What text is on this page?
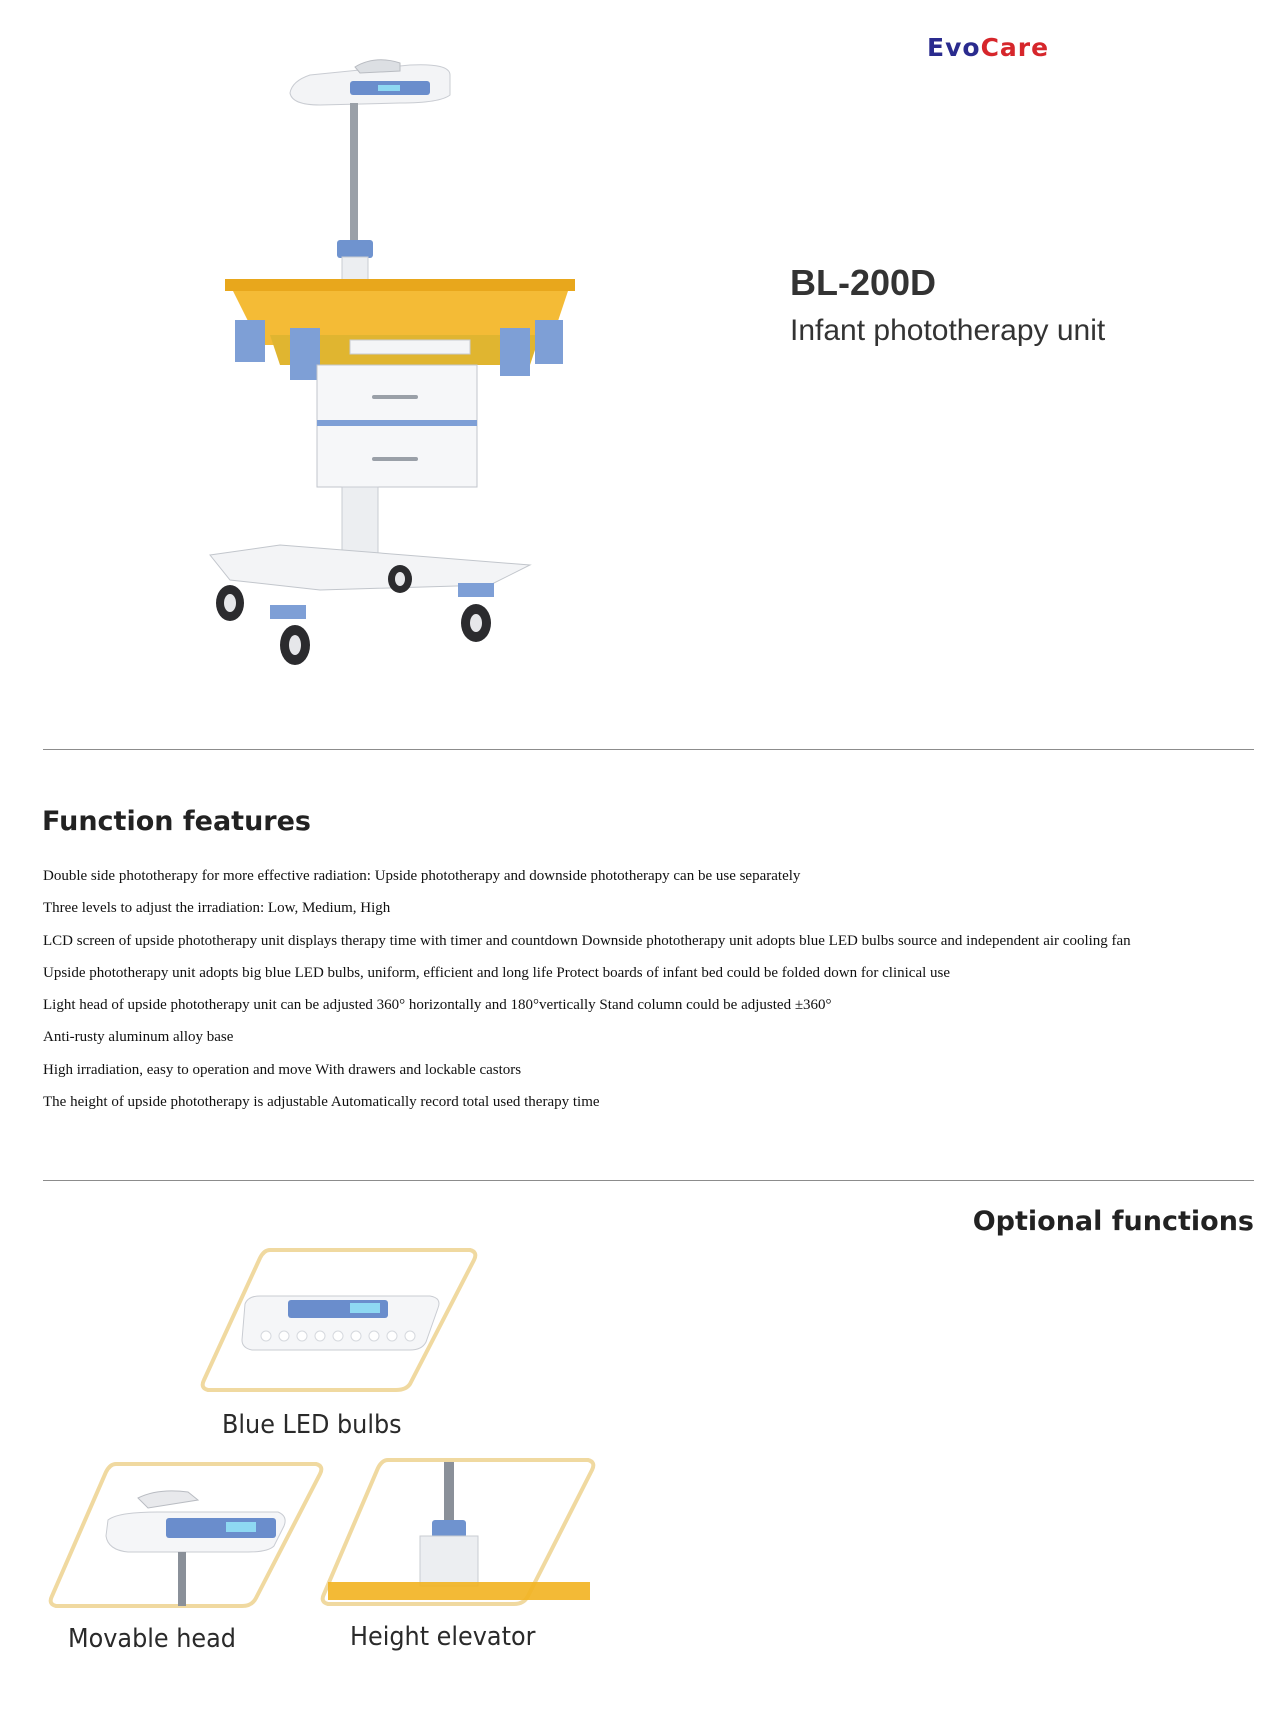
EvoCare
BL-200D
Infant phototherapy unit
Function features
Double side phototherapy for more effective radiation: Upside phototherapy and downside phototherapy can be use separately
Three levels to adjust the irradiation: Low, Medium, High
LCD screen of upside phototherapy unit displays therapy time with timer and countdown Downside phototherapy unit adopts blue LED bulbs source and independent air cooling fan
Upside phototherapy unit adopts big blue LED bulbs, uniform, efficient and long life Protect boards of infant bed could be folded down for clinical use
Light head of upside phototherapy unit can be adjusted 360° horizontally and 180°vertically Stand column could be adjusted ±360°
Anti-rusty aluminum alloy base
High irradiation, easy to operation and move With drawers and lockable castors
The height of upside phototherapy is adjustable Automatically record total used therapy time
Optional functions
Blue LED bulbs
Movable head	Height elevator
